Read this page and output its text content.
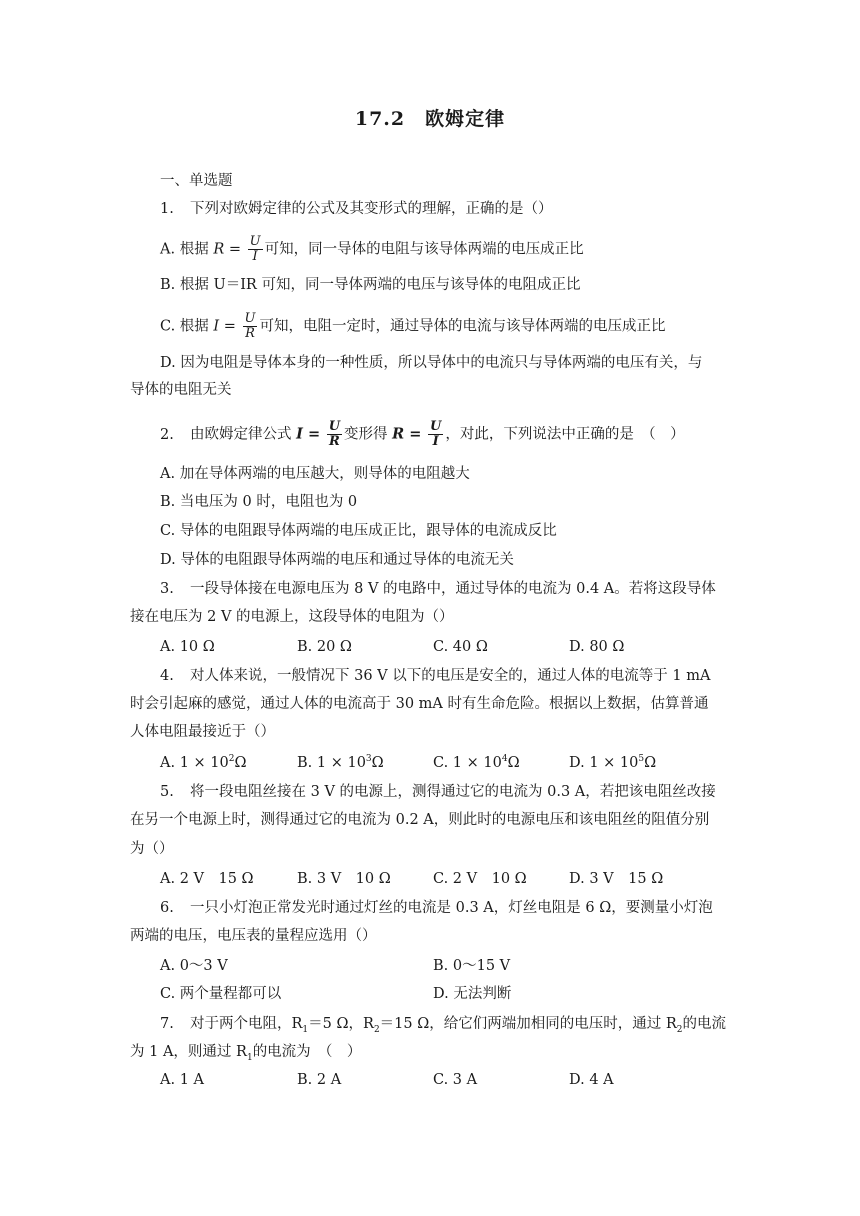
17.2　欧姆定律
一、单选题
1. 下列对欧姆定律的公式及其变形式的理解，正确的是（）
A. 根据 $R = \frac{U}{I}$ 可知，同一导体的电阻与该导体两端的电压成正比
B. 根据 U＝IR 可知，同一导体两端的电压与该导体的电阻成正比
C. 根据 $I = \frac{U}{R}$ 可知，电阻一定时，通过导体的电流与该导体两端的电压成正比
D. 因为电阻是导体本身的一种性质，所以导体中的电流只与导体两端的电压有关，与
导体的电阻无关
2. 由欧姆定律公式 $I = \frac{U}{R}$ 变形得 $R = \frac{U}{I}$ ，对此，下列说法中正确的是　（　）
A. 加在导体两端的电压越大，则导体的电阻越大
B. 当电压为 0 时，电阻也为 0
C. 导体的电阻跟导体两端的电压成正比，跟导体的电流成反比
D. 导体的电阻跟导体两端的电压和通过导体的电流无关
3. 一段导体接在电源电压为 8 V 的电路中，通过导体的电流为 0.4 A。若将这段导体
接在电压为 2 V 的电源上，这段导体的电阻为（）
A. 10 Ω	B. 20 Ω	C. 40 Ω	D. 80 Ω
4. 对人体来说，一般情况下 36 V 以下的电压是安全的，通过人体的电流等于 1 mA
时会引起麻的感觉，通过人体的电流高于 30 mA 时有生命危险。根据以上数据，估算普通
人体电阻最接近于（）
A. $1 \times 10^2\Omega$	B. $1 \times 10^3\Omega$	C. $1 \times 10^4\Omega$	D. $1 \times 10^5\Omega$
5. 将一段电阻丝接在 3 V 的电源上，测得通过它的电流为 0.3 A，若把该电阻丝改接
在另一个电源上时，测得通过它的电流为 0.2 A，则此时的电源电压和该电阻丝的阻值分别
为（）
A. 2 V　15 Ω	B. 3 V　10 Ω	C. 2 V　10 Ω	D. 3 V　15 Ω
6. 一只小灯泡正常发光时通过灯丝的电流是 0.3 A，灯丝电阻是 6 Ω，要测量小灯泡
两端的电压，电压表的量程应选用（）
A. 0～3 V	B. 0～15 V
C. 两个量程都可以	D. 无法判断
7. 对于两个电阻，$R_1=5$ Ω，$R_2=15$ Ω，给它们两端加相同的电压时，通过 $R_2$的电流
为 1 A，则通过 $R_1$的电流为　（　）
A. 1 A	B. 2 A	C. 3 A	D. 4 A
